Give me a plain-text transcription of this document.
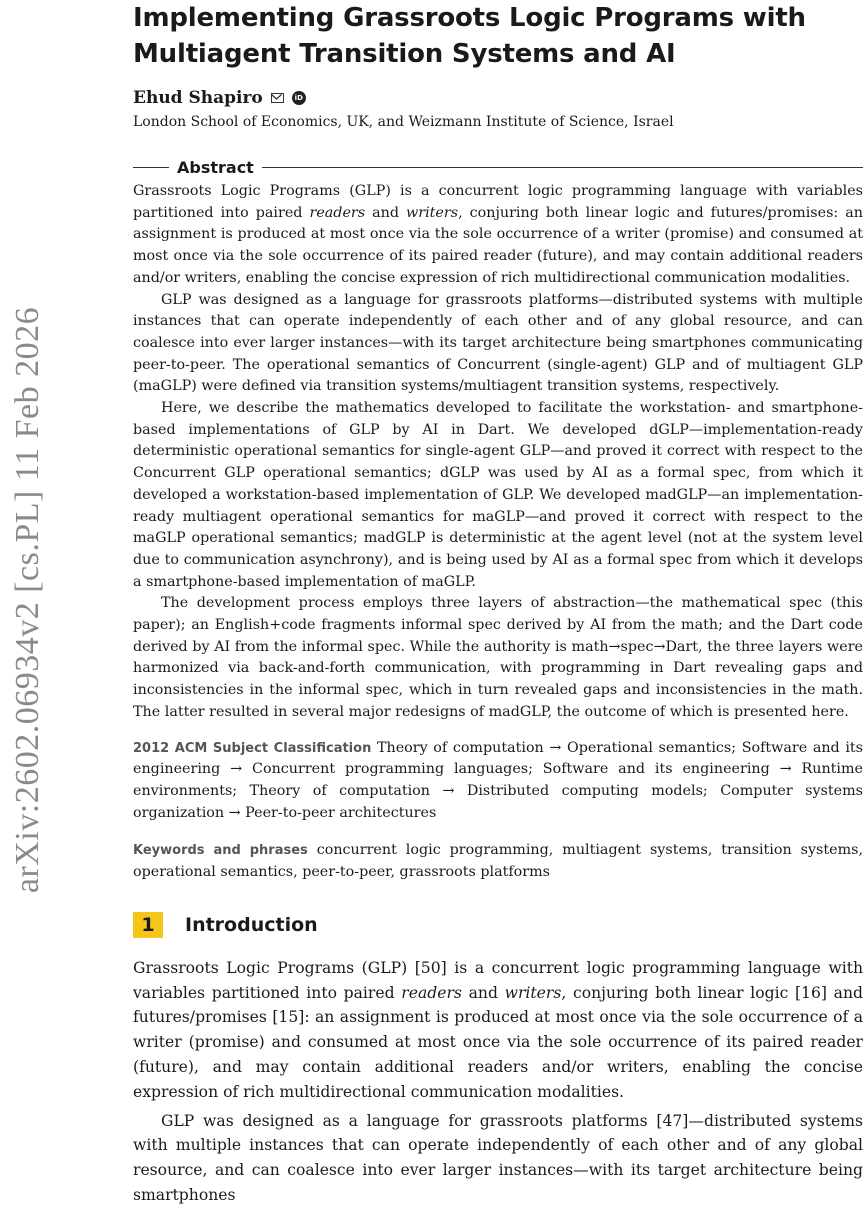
arXiv:2602.06934v2 [cs.PL] 11 Feb 2026
Implementing Grassroots Logic Programs with
Multiagent Transition Systems and AI
Ehud Shapiro	iD
London School of Economics, UK, and Weizmann Institute of Science, Israel
Abstract

Grassroots Logic Programs (GLP) is a concurrent logic programming language with variables partitioned into paired readers and writers, conjuring both linear logic and futures/promises: an assignment is produced at most once via the sole occurrence of a writer (promise) and consumed at most once via the sole occurrence of its paired reader (future), and may contain additional readers and/or writers, enabling the concise expression of rich multidirectional communication modalities.

GLP was designed as a language for grassroots platforms—distributed systems with multiple instances that can operate independently of each other and of any global resource, and can coalesce into ever larger instances—with its target architecture being smartphones communicating peer-to-peer. The operational semantics of Concurrent (single-agent) GLP and of multiagent GLP (maGLP) were defined via transition systems/multiagent transition systems, respectively.

Here, we describe the mathematics developed to facilitate the workstation- and smartphone-based implementations of GLP by AI in Dart. We developed dGLP—implementation-ready deterministic operational semantics for single-agent GLP—and proved it correct with respect to the Concurrent GLP operational semantics; dGLP was used by AI as a formal spec, from which it developed a workstation-based implementation of GLP. We developed madGLP—an implementation-ready multiagent operational semantics for maGLP—and proved it correct with respect to the maGLP operational semantics; madGLP is deterministic at the agent level (not at the system level due to communication asynchrony), and is being used by AI as a formal spec from which it develops a smartphone-based implementation of maGLP.

The development process employs three layers of abstraction—the mathematical spec (this paper); an English+code fragments informal spec derived by AI from the math; and the Dart code derived by AI from the informal spec. While the authority is math→spec→Dart, the three layers were harmonized via back-and-forth communication, with programming in Dart revealing gaps and inconsistencies in the informal spec, which in turn revealed gaps and inconsistencies in the math. The latter resulted in several major redesigns of madGLP, the outcome of which is presented here.

2012 ACM Subject Classification Theory of computation → Operational semantics; Software and its engineering → Concurrent programming languages; Software and its engineering → Runtime environments; Theory of computation → Distributed computing models; Computer systems organization → Peer-to-peer architectures
Keywords and phrases concurrent logic programming, multiagent systems, transition systems, operational semantics, peer-to-peer, grassroots platforms
1	Introduction

Grassroots Logic Programs (GLP) [50] is a concurrent logic programming language with variables partitioned into paired readers and writers, conjuring both linear logic [16] and futures/promises [15]: an assignment is produced at most once via the sole occurrence of a writer (promise) and consumed at most once via the sole occurrence of its paired reader (future), and may contain additional readers and/or writers, enabling the concise expression of rich multidirectional communication modalities.

GLP was designed as a language for grassroots platforms [47]—distributed systems with multiple instances that can operate independently of each other and of any global resource, and can coalesce into ever larger instances—with its target architecture being smartphones
